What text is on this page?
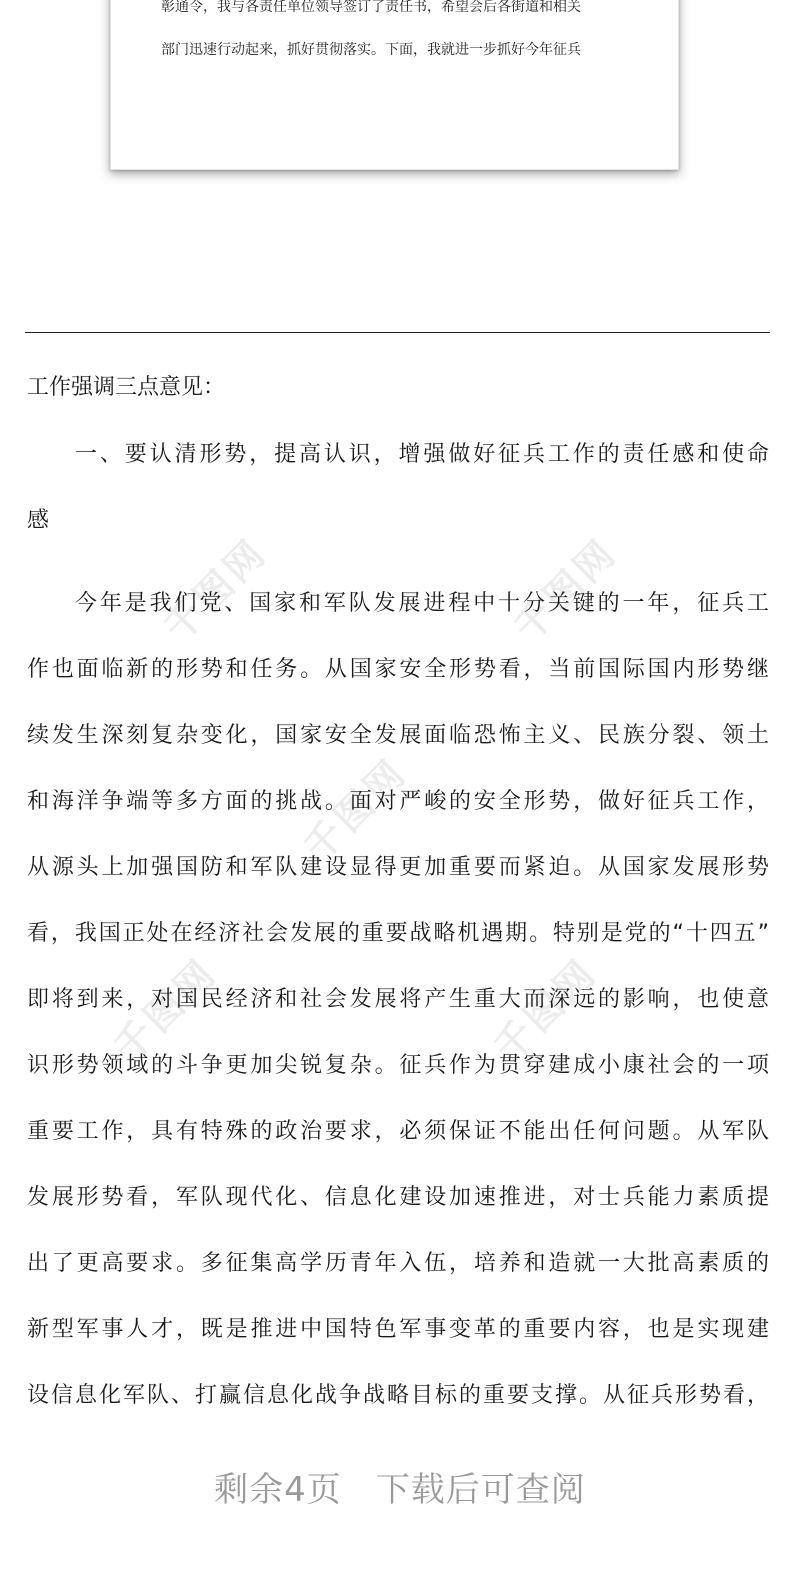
千图网	千图网
千图网
千图网	千图网
彰通令，我与各责任单位领导签订了责任书，希望会后各街道和相关
部门迅速行动起来，抓好贯彻落实。下面，我就进一步抓好今年征兵
工作强调三点意见：
一、要认清形势，提高认识，增强做好征兵工作的责任感和使命
感
今年是我们党、国家和军队发展进程中十分关键的一年，征兵工
作也面临新的形势和任务。从国家安全形势看，当前国际国内形势继
续发生深刻复杂变化，国家安全发展面临恐怖主义、民族分裂、领土
和海洋争端等多方面的挑战。面对严峻的安全形势，做好征兵工作，
从源头上加强国防和军队建设显得更加重要而紧迫。从国家发展形势
看，我国正处在经济社会发展的重要战略机遇期。特别是党的“十四五”
即将到来，对国民经济和社会发展将产生重大而深远的影响，也使意
识形势领域的斗争更加尖锐复杂。征兵作为贯穿建成小康社会的一项
重要工作，具有特殊的政治要求，必须保证不能出任何问题。从军队
发展形势看，军队现代化、信息化建设加速推进，对士兵能力素质提
出了更高要求。多征集高学历青年入伍，培养和造就一大批高素质的
新型军事人才，既是推进中国特色军事变革的重要内容，也是实现建
设信息化军队、打赢信息化战争战略目标的重要支撑。从征兵形势看，
剩余4页 下载后可查阅
